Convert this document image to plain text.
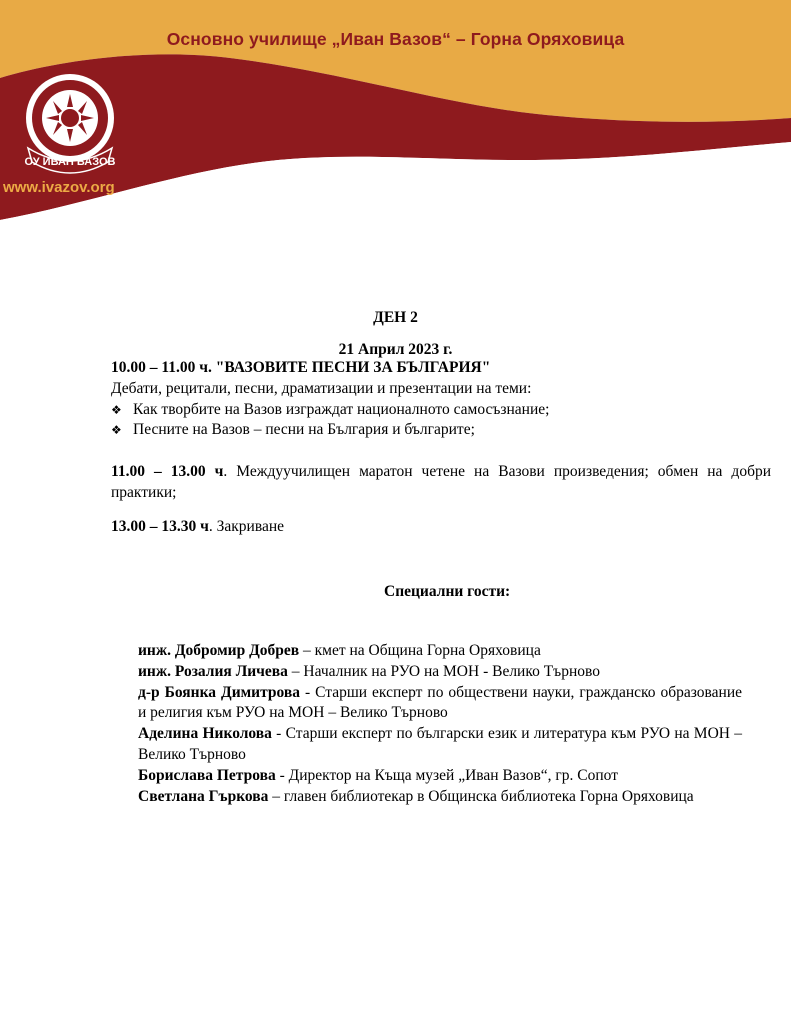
Основно училище „Иван Вазов“ – Горна Оряховица
ОУ ИВАН ВАЗОВ
www.ivazov.org
ДЕН 2
21 Април 2023 г.
10.00 – 11.00 ч. "ВАЗОВИТЕ ПЕСНИ ЗА БЪЛГАРИЯ"
Дебати, рецитали, песни, драматизации и презентации на теми:
❖ Как творбите на Вазов изграждат националното самосъзнание;
❖ Песните на Вазов – песни на България и българите;
11.00 – 13.00 ч. Междуучилищен маратон четене на Вазови произведения; обмен на добри практики;
13.00 – 13.30 ч. Закриване
Специални гости:
инж. Добромир Добрев – кмет на Община Горна Оряховица
инж. Розалия Личева – Началник на РУО на МОН - Велико Търново
д-р Боянка Димитрова - Старши експерт по обществени науки, гражданско образование и религия към РУО на МОН – Велико Търново
Аделина Николова - Старши експерт по български език и литература към РУО на МОН – Велико Търново
Борислава Петрова - Директор на Къща музей „Иван Вазов“, гр. Сопот
Светлана Гъркова – главен библиотекар в Общинска библиотека Горна Оряховица
